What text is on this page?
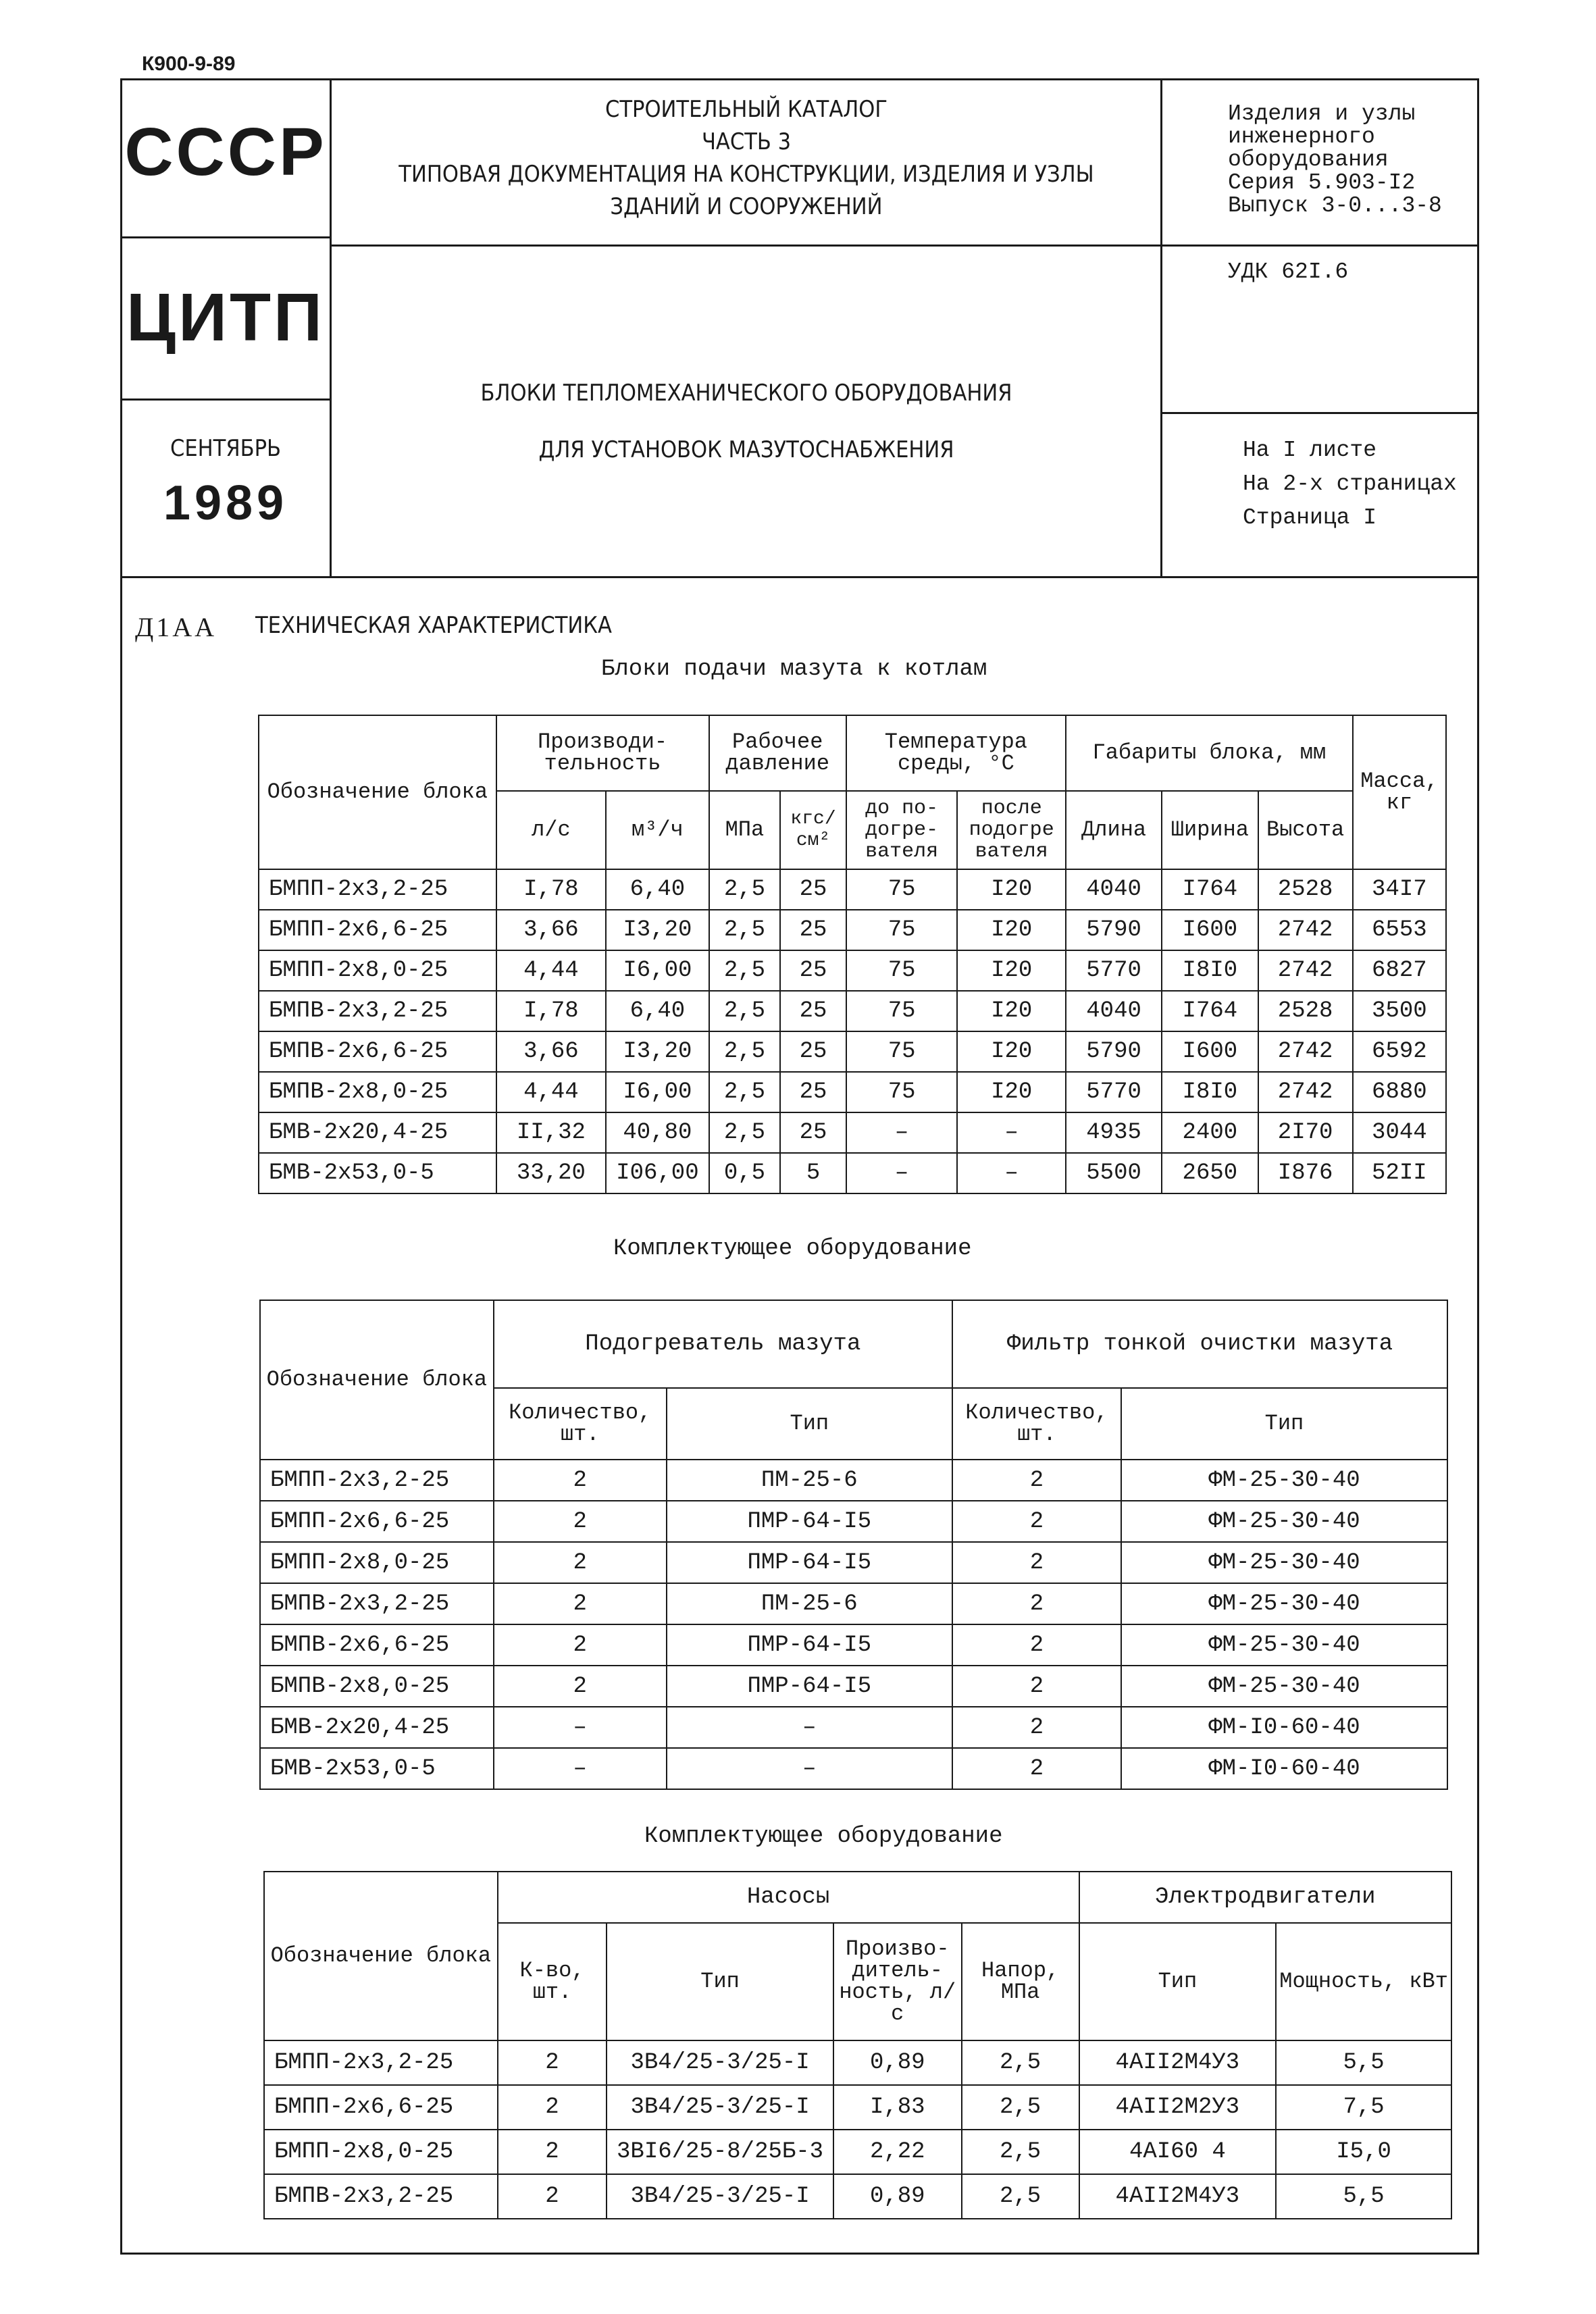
К900-9-89
СССР
ЦИТП
СЕНТЯБРЬ
1989
СТРОИТЕЛЬНЫЙ КАТАЛОГ
ЧАСТЬ 3
ТИПОВАЯ ДОКУМЕНТАЦИЯ НА КОНСТРУКЦИИ, ИЗДЕЛИЯ И УЗЛЫ
ЗДАНИЙ И СООРУЖЕНИЙ
БЛОКИ ТЕПЛОМЕХАНИЧЕСКОГО ОБОРУДОВАНИЯ
ДЛЯ УСТАНОВОК МАЗУТОСНАБЖЕНИЯ
Изделия и узлы
инженерного
оборудования
Серия 5.903-I2
Выпуск 3-0...3-8
УДК 62I.6
На I листе
На 2-х страницах
Страница I
Д1АА ТЕХНИЧЕСКАЯ ХАРАКТЕРИСТИКА
Блоки подачи мазута к котлам
Обозначение блока	Производи-тельность		Рабочее давление		Температура среды, °С		Габариты блока, мм			Масса, кг
	л/с	м³/ч	МПа	кгс/см²	до по-догре-вателя	после подогре вателя	Длина	Ширина	Высота	
БМПП-2х3,2-25	I,78	6,40	2,5	25	75	I20	4040	I764	2528	34I7
БМПП-2х6,6-25	3,66	I3,20	2,5	25	75	I20	5790	I600	2742	6553
БМПП-2х8,0-25	4,44	I6,00	2,5	25	75	I20	5770	I8I0	2742	6827
БМПВ-2х3,2-25	I,78	6,40	2,5	25	75	I20	4040	I764	2528	3500
БМПВ-2х6,6-25	3,66	I3,20	2,5	25	75	I20	5790	I600	2742	6592
БМПВ-2х8,0-25	4,44	I6,00	2,5	25	75	I20	5770	I8I0	2742	6880
БМВ-2х20,4-25	II,32	40,80	2,5	25	–	–	4935	2400	2I70	3044
БМВ-2х53,0-5	33,20	I06,00	0,5	5	–	–	5500	2650	I876	52II
Комплектующее оборудование
Обозначение блока	Подогреватель мазута		Фильтр тонкой очистки мазута	
	Количество, шт.	Тип	Количество, шт.	Тип
БМПП-2х3,2-25	2	ПМ-25-6	2	ФМ-25-30-40
БМПП-2х6,6-25	2	ПМР-64-I5	2	ФМ-25-30-40
БМПП-2х8,0-25	2	ПМР-64-I5	2	ФМ-25-30-40
БМПВ-2х3,2-25	2	ПМ-25-6	2	ФМ-25-30-40
БМПВ-2х6,6-25	2	ПМР-64-I5	2	ФМ-25-30-40
БМПВ-2х8,0-25	2	ПМР-64-I5	2	ФМ-25-30-40
БМВ-2х20,4-25	–	–	2	ФМ-I0-60-40
БМВ-2х53,0-5	–	–	2	ФМ-I0-60-40
Комплектующее оборудование
Обозначение блока	Насосы				Электродвигатели	
	К-во, шт.	Тип	Произво-дитель-ность, л/с	Напор, МПа	Тип	Мощность, кВт
БМПП-2х3,2-25	2	3В4/25-3/25-I	0,89	2,5	4АII2М4У3	5,5
БМПП-2х6,6-25	2	3В4/25-3/25-I	I,83	2,5	4АII2М2У3	7,5
БМПП-2х8,0-25	2	3ВI6/25-8/25Б-3	2,22	2,5	4АI60 4	I5,0
БМПВ-2х3,2-25	2	3В4/25-3/25-I	0,89	2,5	4АII2М4У3	5,5
